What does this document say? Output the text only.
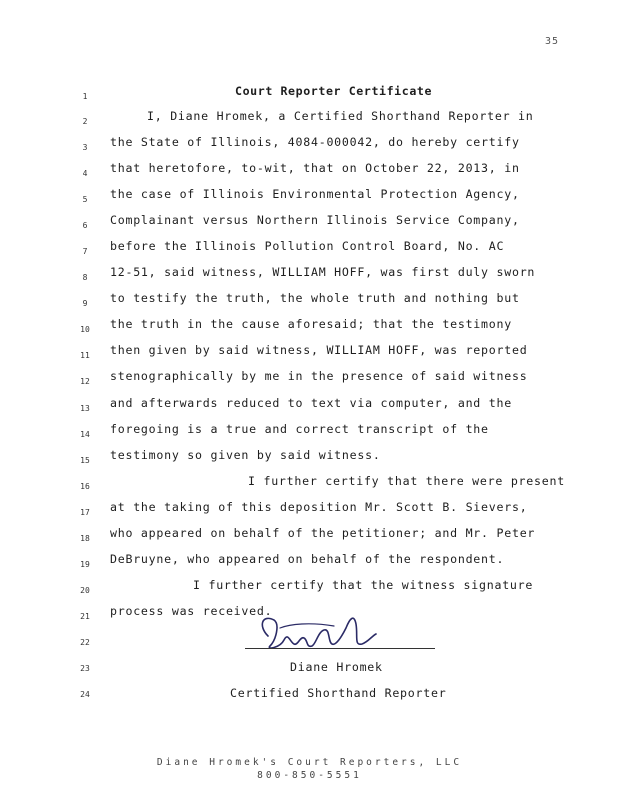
35
1
2
3
4
5
6
7
8
9
10
11
12
13
14
15
16
17
18
19
20
21
22
23
24
Court Reporter Certificate
I, Diane Hromek, a Certified Shorthand Reporter in
the State of Illinois, 4084-000042, do hereby certify
that heretofore, to-wit, that on October 22, 2013, in
the case of Illinois Environmental Protection Agency,
Complainant versus Northern Illinois Service Company,
before the Illinois Pollution Control Board, No. AC
12-51, said witness, WILLIAM HOFF, was first duly sworn
to testify the truth, the whole truth and nothing but
the truth in the cause aforesaid; that the testimony
then given by said witness, WILLIAM HOFF, was reported
stenographically by me in the presence of said witness
and afterwards reduced to text via computer, and the
foregoing is a true and correct transcript of the
testimony so given by said witness.
I further certify that there were present
at the taking of this deposition Mr. Scott B. Sievers,
who appeared on behalf of the petitioner; and Mr. Peter
DeBruyne, who appeared on behalf of the respondent.
I further certify that the witness signature
process was received.
Diane Hromek
Certified Shorthand Reporter
Diane Hromek's Court Reporters, LLC
800-850-5551
